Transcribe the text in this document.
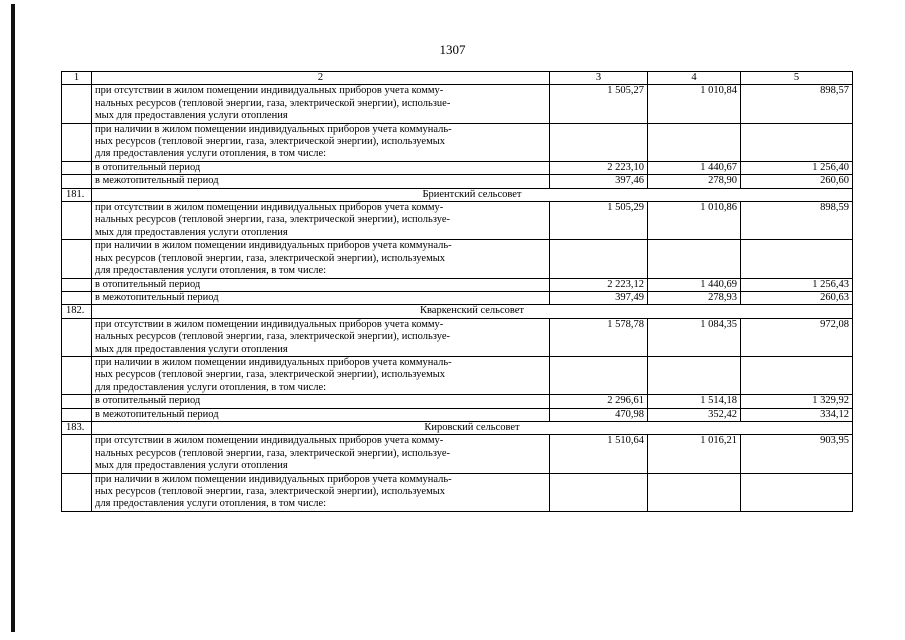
1307
1	2	3	4	5

	при отсутствии в жилом помещении индивидуальных приборов учета комму-
нальных ресурсов (тепловой энергии, газа, электрической энергии), использue-
мых для предоставления услуги отопления	1 505,27	1 010,84	898,57

	при наличии в жилом помещении индивидуальных приборов учета коммуналь-
ных ресурсов (тепловой энергии, газа, электрической энергии), используемых
для предоставления услуги отопления, в том числе:			

	в отопительный период	2 223,10	1 440,67	1 256,40

	в межотопительный период	397,46	278,90	260,60
181.	Бриентский сельсовет			

	при отсутствии в жилом помещении индивидуальных приборов учета комму-
нальных ресурсов (тепловой энергии, газа, электрической энергии), используе-
мых для предоставления услуги отопления	1 505,29	1 010,86	898,59

	при наличии в жилом помещении индивидуальных приборов учета коммуналь-
ных ресурсов (тепловой энергии, газа, электрической энергии), используемых
для предоставления услуги отопления, в том числе:			

	в отопительный период	2 223,12	1 440,69	1 256,43

	в межотопительный период	397,49	278,93	260,63
182.	Кваркенский сельсовет			

	при отсутствии в жилом помещении индивидуальных приборов учета комму-
нальных ресурсов (тепловой энергии, газа, электрической энергии), используе-
мых для предоставления услуги отопления	1 578,78	1 084,35	972,08

	при наличии в жилом помещении индивидуальных приборов учета коммуналь-
ных ресурсов (тепловой энергии, газа, электрической энергии), используемых
для предоставления услуги отопления, в том числе:			

	в отопительный период	2 296,61	1 514,18	1 329,92

	в межотопительный период	470,98	352,42	334,12
183.	Кировский сельсовет			

	при отсутствии в жилом помещении индивидуальных приборов учета комму-
нальных ресурсов (тепловой энергии, газа, электрической энергии), используе-
мых для предоставления услуги отопления	1 510,64	1 016,21	903,95

	при наличии в жилом помещении индивидуальных приборов учета коммуналь-
ных ресурсов (тепловой энергии, газа, электрической энергии), используемых
для предоставления услуги отопления, в том числе:			
